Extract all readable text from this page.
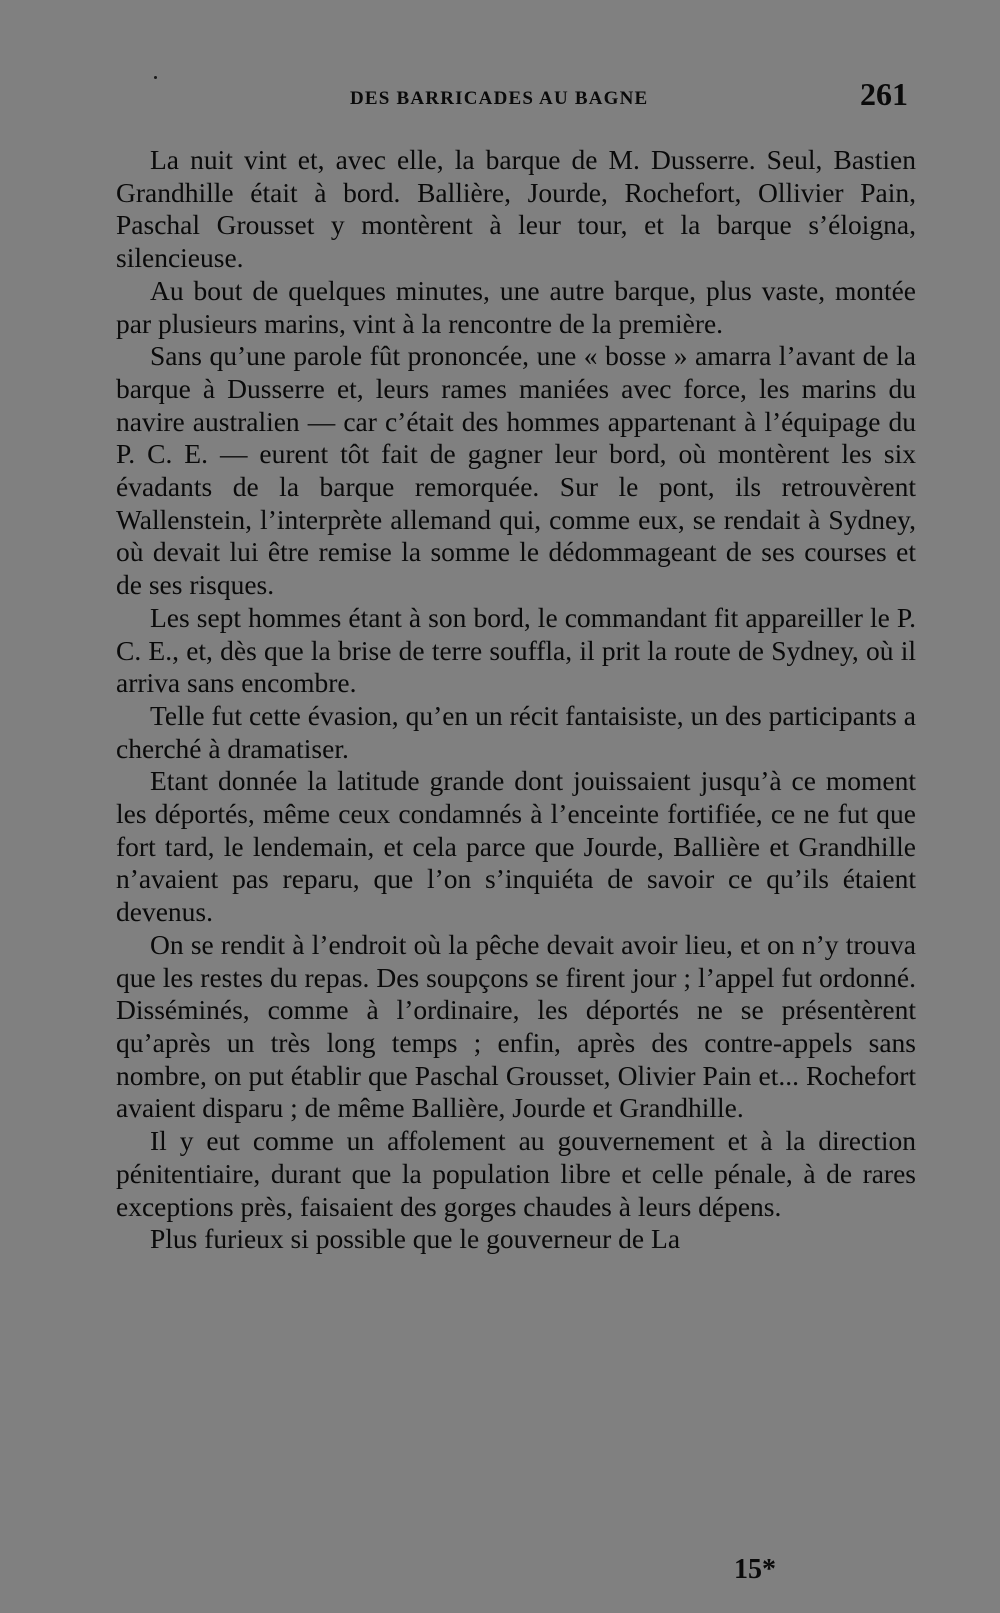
DES BARRICADES AU BAGNE	261

La nuit vint et, avec elle, la barque de M. Dusserre. Seul, Bastien Grandhille était à bord. Ballière, Jourde, Rochefort, Ollivier Pain, Paschal Grousset y montèrent à leur tour, et la barque s’éloigna, silencieuse.

Au bout de quelques minutes, une autre barque, plus vaste, montée par plusieurs marins, vint à la rencontre de la première.

Sans qu’une parole fût prononcée, une « bosse » amarra l’avant de la barque à Dusserre et, leurs rames maniées avec force, les marins du navire australien — car c’était des hommes appartenant à l’équipage du P. C. E. — eurent tôt fait de gagner leur bord, où montèrent les six évadants de la barque remorquée. Sur le pont, ils retrouvèrent Wallenstein, l’interprète allemand qui, comme eux, se rendait à Sydney, où devait lui être remise la somme le dédommageant de ses courses et de ses risques.

Les sept hommes étant à son bord, le commandant fit appareiller le P. C. E., et, dès que la brise de terre souffla, il prit la route de Sydney, où il arriva sans encombre.

Telle fut cette évasion, qu’en un récit fantaisiste, un des participants a cherché à dramatiser.

Etant donnée la latitude grande dont jouissaient jusqu’à ce moment les déportés, même ceux condamnés à l’enceinte fortifiée, ce ne fut que fort tard, le lendemain, et cela parce que Jourde, Ballière et Grandhille n’avaient pas reparu, que l’on s’inquiéta de savoir ce qu’ils étaient devenus.

On se rendit à l’endroit où la pêche devait avoir lieu, et on n’y trouva que les restes du repas. Des soupçons se firent jour ; l’appel fut ordonné. Disséminés, comme à l’ordinaire, les déportés ne se présentèrent qu’après un très long temps ; enfin, après des contre-appels sans nombre, on put établir que Paschal Grousset, Olivier Pain et... Rochefort avaient disparu ; de même Ballière, Jourde et Grandhille.

Il y eut comme un affolement au gouvernement et à la direction pénitentiaire, durant que la population libre et celle pénale, à de rares exceptions près, faisaient des gorges chaudes à leurs dépens.

Plus furieux si possible que le gouverneur de La

15*
